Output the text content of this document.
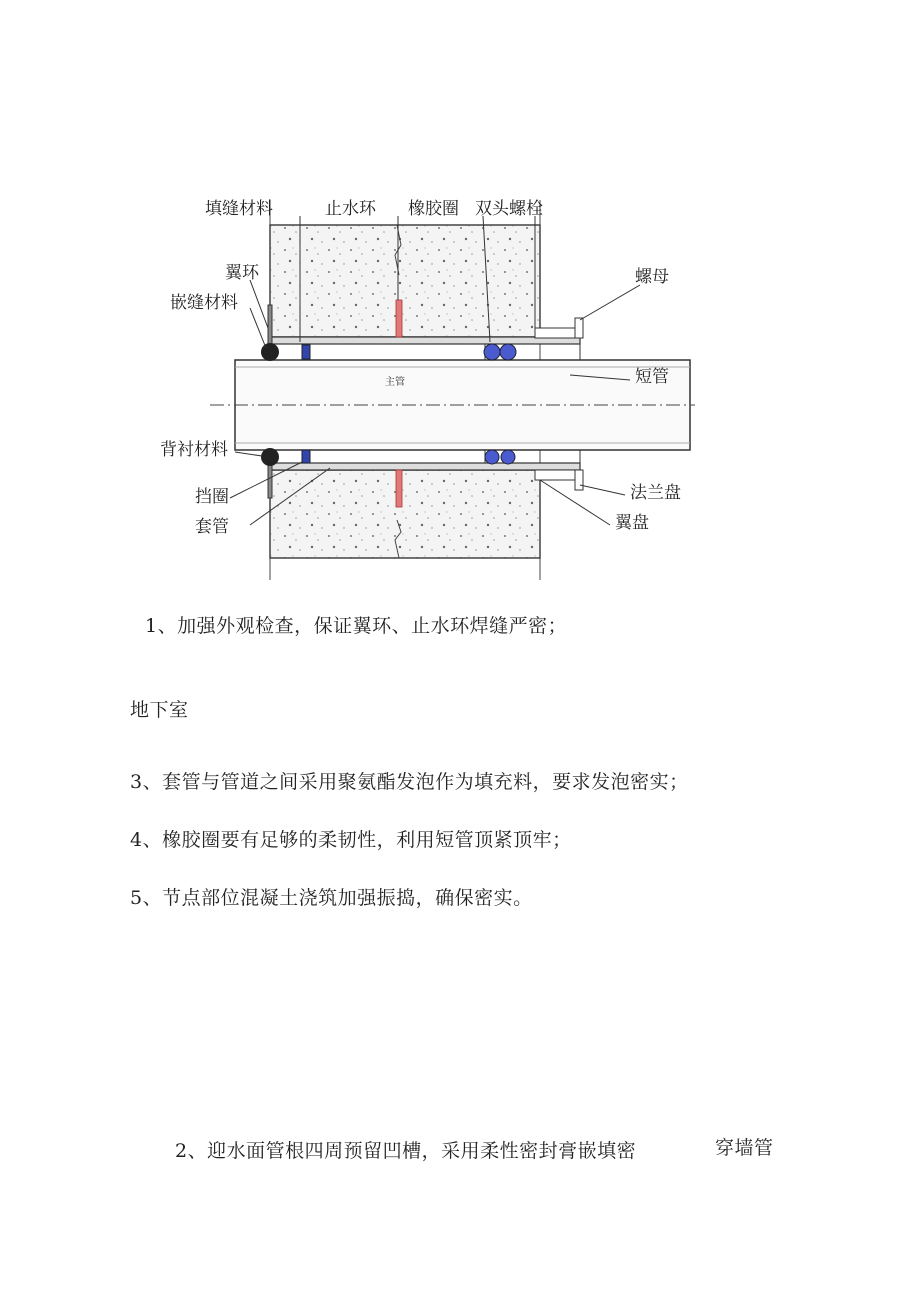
填缝材料	止水环 橡胶圈 双头螺栓
螺母
翼环
嵌缝材料
主管	短管
背衬材料
挡圈	法兰盘
套管	翼盘
1、加强外观检查，保证翼环、止水环焊缝严密；
地下室
3、套管与管道之间采用聚氨酯发泡作为填充料，要求发泡密实；
4、橡胶圈要有足够的柔韧性，利用短管顶紧顶牢；
5、节点部位混凝土浇筑加强振捣，确保密实。
2、迎水面管根四周预留凹槽，采用柔性密封膏嵌填密	穿墙管
